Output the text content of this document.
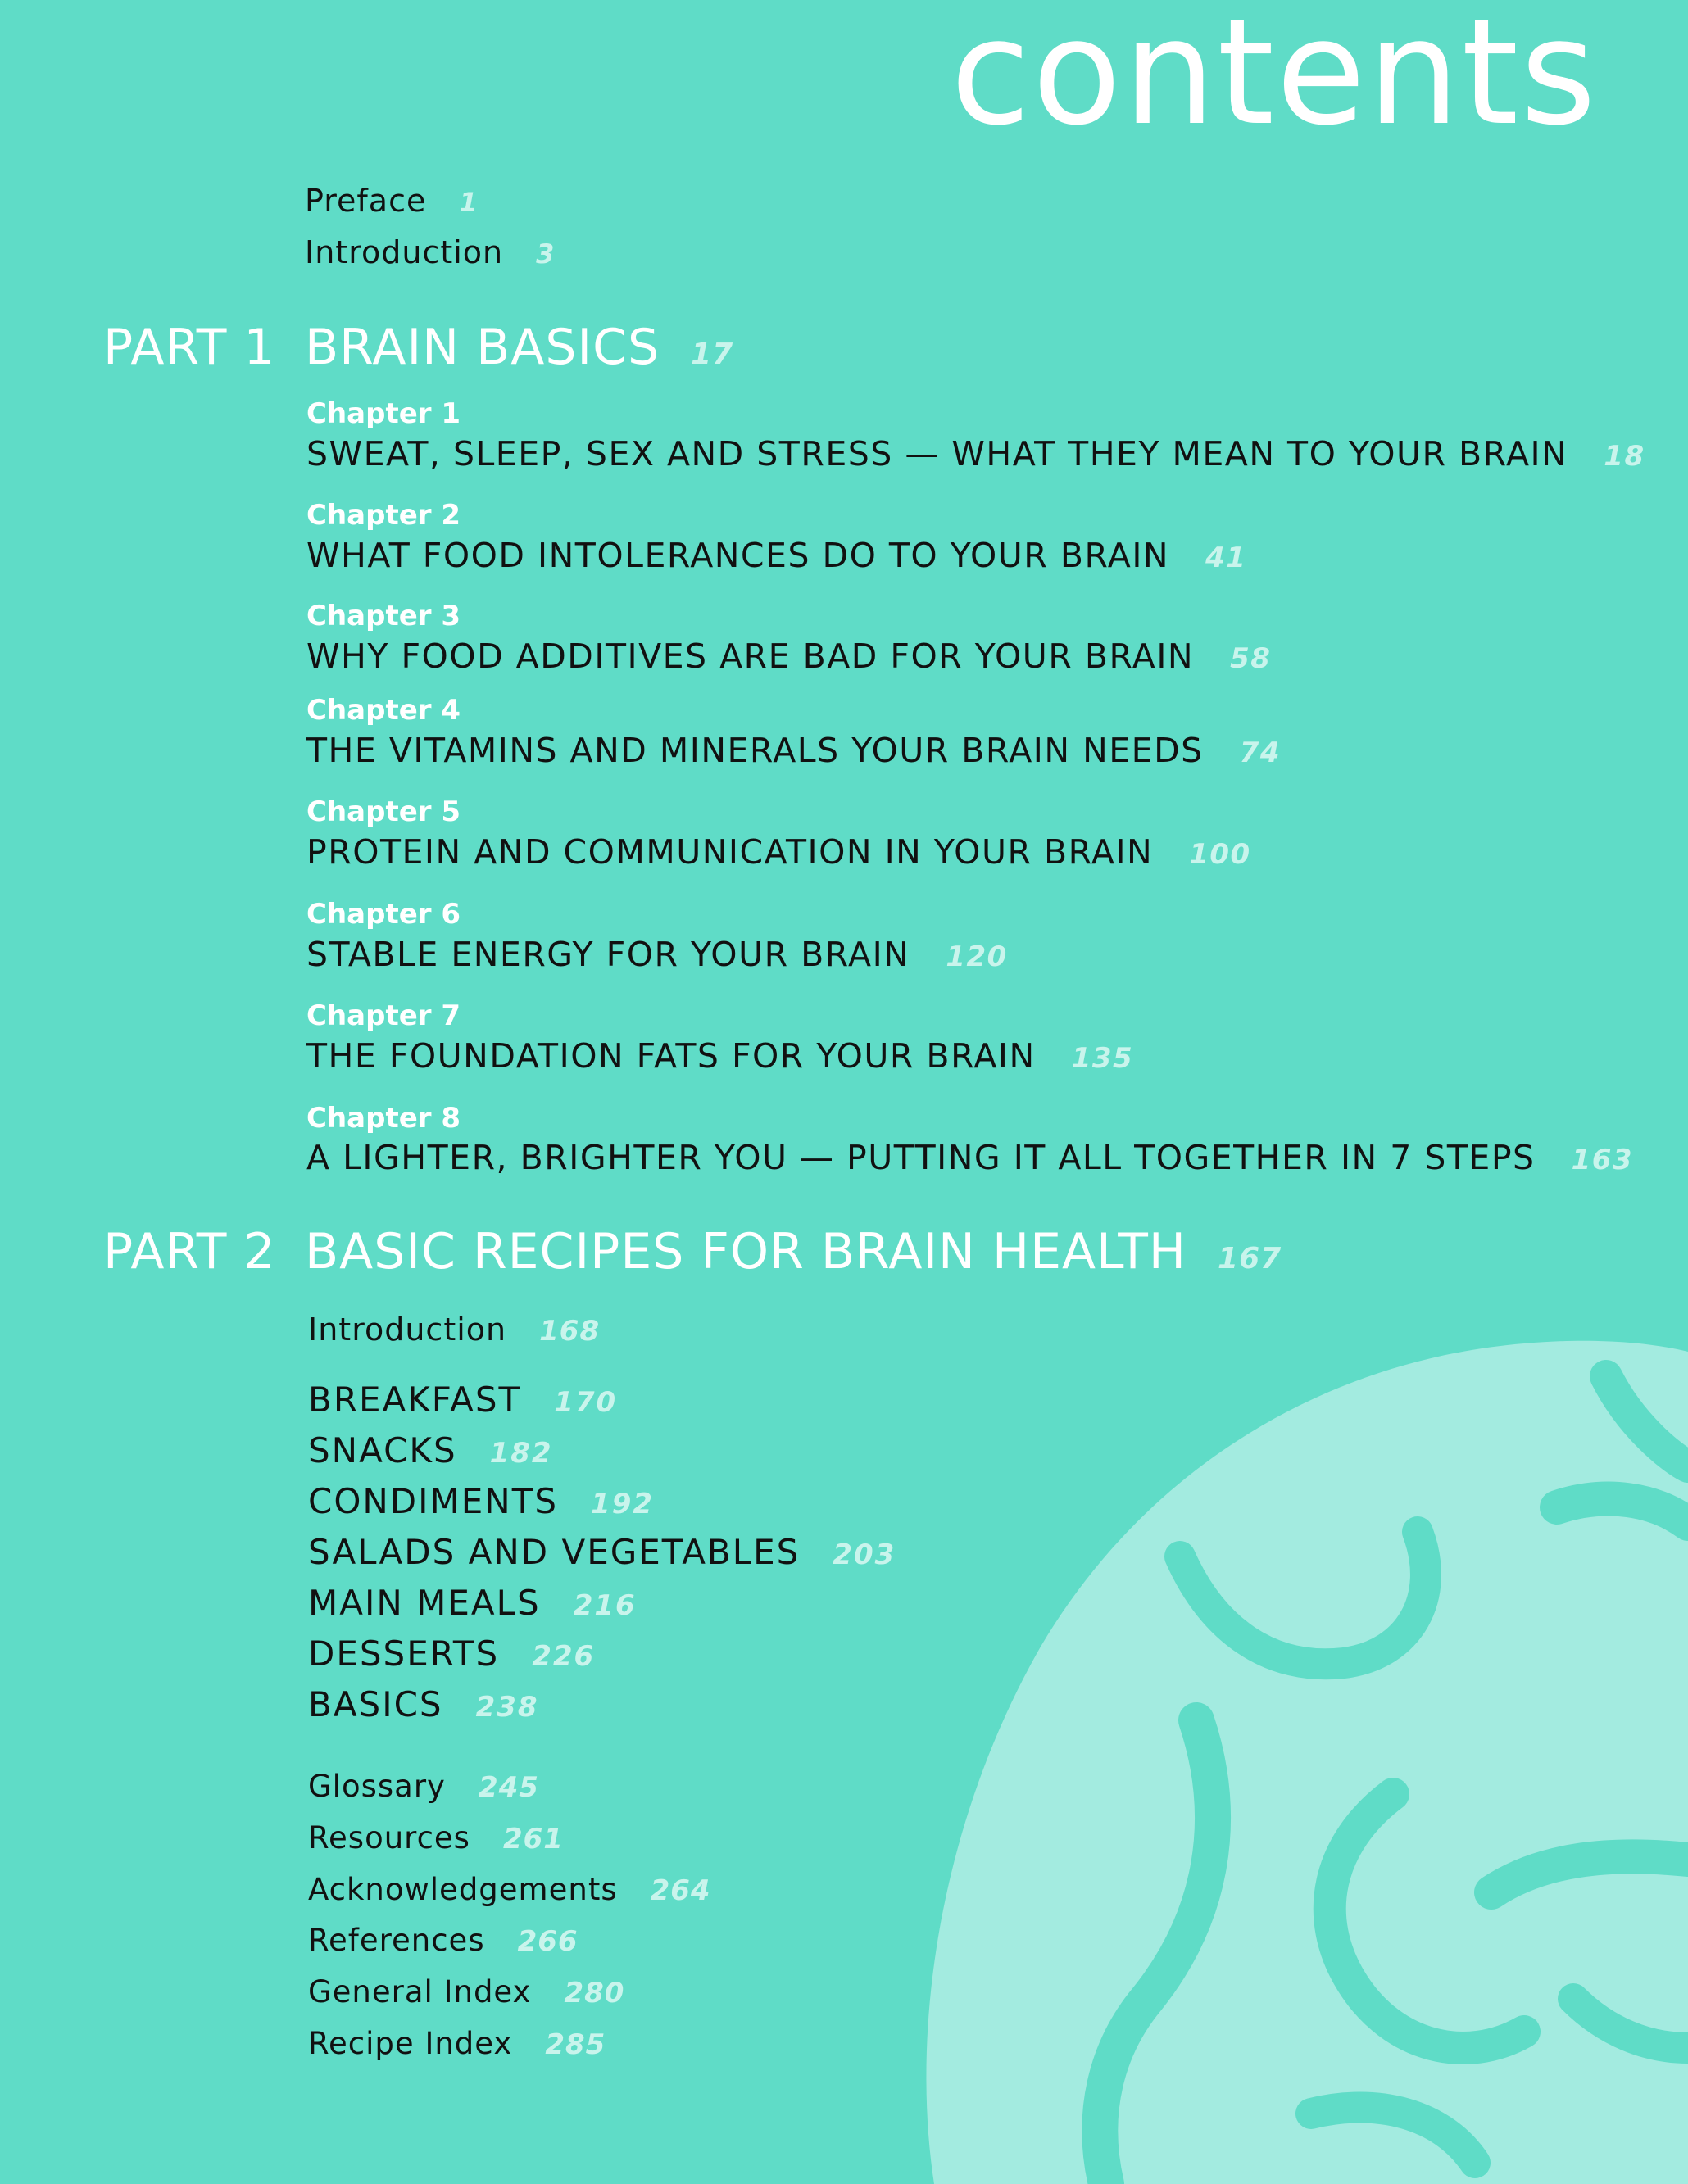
contents
Preface 1
Introduction 3
PART 1 BRAIN BASICS 17
Chapter 1
SWEAT, SLEEP, SEX AND STRESS — WHAT THEY MEAN TO YOUR BRAIN 18
Chapter 2
WHAT FOOD INTOLERANCES DO TO YOUR BRAIN 41
Chapter 3
WHY FOOD ADDITIVES ARE BAD FOR YOUR BRAIN 58
Chapter 4
THE VITAMINS AND MINERALS YOUR BRAIN NEEDS 74
Chapter 5
PROTEIN AND COMMUNICATION IN YOUR BRAIN 100
Chapter 6
STABLE ENERGY FOR YOUR BRAIN 120
Chapter 7
THE FOUNDATION FATS FOR YOUR BRAIN 135
Chapter 8
A LIGHTER, BRIGHTER YOU — PUTTING IT ALL TOGETHER IN 7 STEPS 163
PART 2 BASIC RECIPES FOR BRAIN HEALTH 167
Introduction 168
BREAKFAST 170
SNACKS 182
CONDIMENTS 192
SALADS AND VEGETABLES 203
MAIN MEALS 216
DESSERTS 226
BASICS 238
Glossary 245
Resources 261
Acknowledgements 264
References 266
General Index 280
Recipe Index 285
